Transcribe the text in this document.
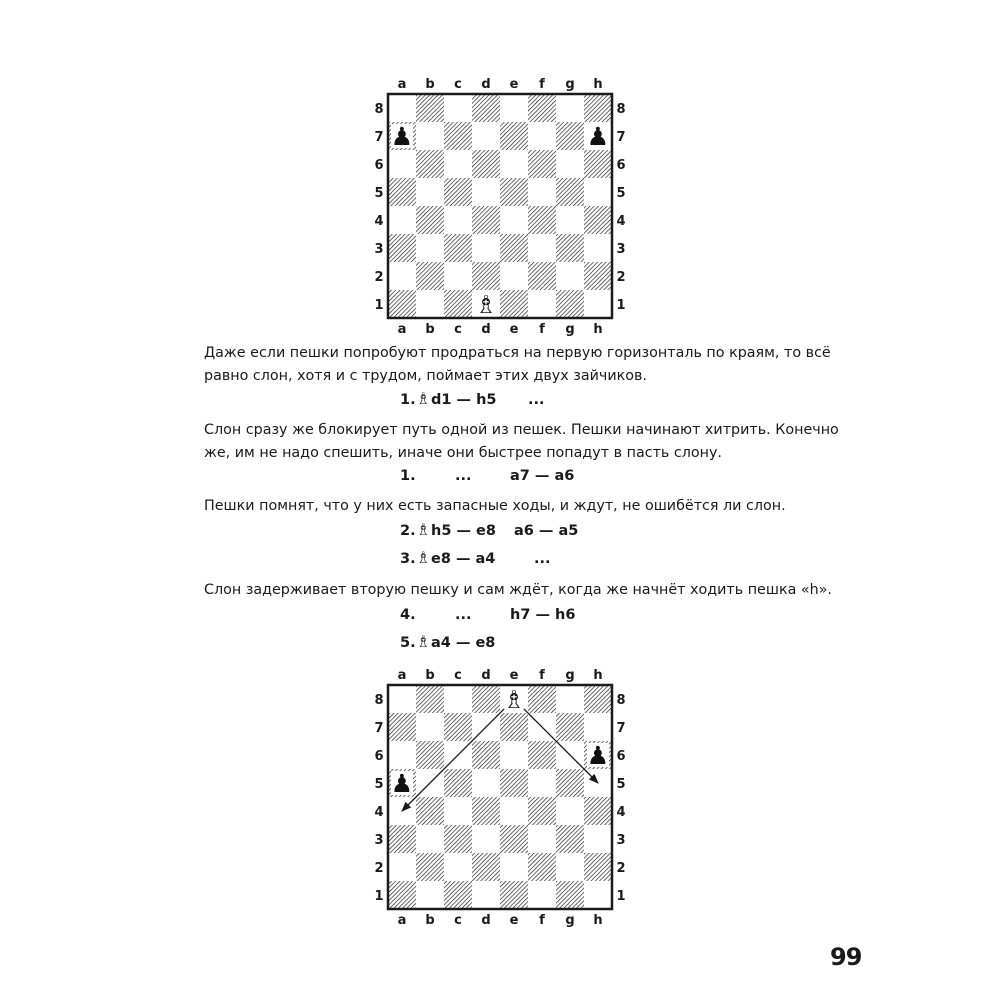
a
a
b
b
c
c
d
d
e
e
f
f
g
g
h
h
8	8
7	7
6	6
5	5
4	4
3	3
2	2
1	1
♟	♟
♗

Даже если пешки попробуют продраться на первую горизонталь по краям, то всё
равно слон, хотя и с трудом, поймает этих двух зайчиков.

1. ♗ d1 — h5 ...

Слон сразу же блокирует путь одной из пешек. Пешки начинают хитрить. Конечно
же, им не надо спешить, иначе они быстрее попадут в пасть слону.

1.	...	a7 — a6

Пешки помнят, что у них есть запасные ходы, и ждут, не ошибётся ли слон.

2. ♗ h5 — e8 a6 — a5
3. ♗ e8 — a4	...

Слон задерживает вторую пешку и сам ждёт, когда же начнёт ходить пешка «h».

4.	...	h7 — h6
5. ♗ a4 — e8
a
a
b
b
c
c
d
d
e
e
f
f
g
g
h
h
8	8
7	7
6	6
5	5
4	4
3	3
2	2
1	1
♟
♟
♗
99
